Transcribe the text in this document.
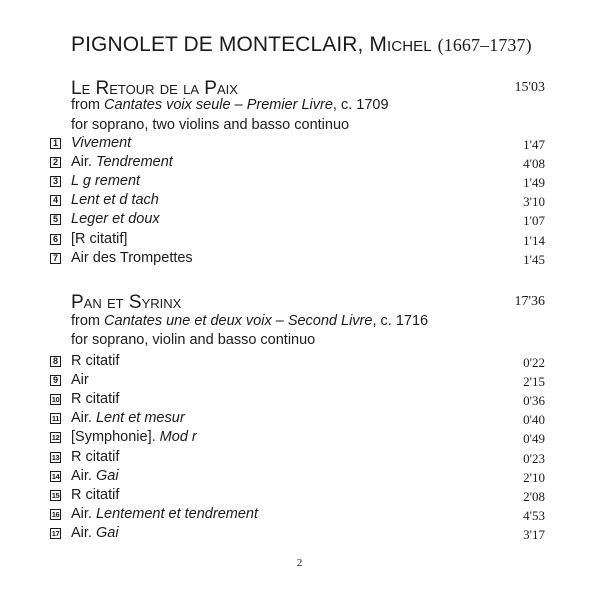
PIGNOLET DE MONTECLAIR, Michel (1667–1737)
Le Retour de la Paix	15'03
from Cantates voix seule – Premier Livre, c. 1709
for soprano, two violins and basso continuo
1 Vivement	1'47
2 Air. Tendrement	4'08
3 L g rement	1'49
4 Lent et d tach	3'10
5 Leger et doux	1'07
6 [R citatif]	1'14
7 Air des Trompettes	1'45
Pan et Syrinx	17'36
from Cantates une et deux voix – Second Livre, c. 1716
for soprano, violin and basso continuo
8 R citatif	0'22
9 Air	2'15
10 R citatif	0'36
11 Air. Lent et mesur	0'40
12 [Symphonie]. Mod r	0'49
13 R citatif	0'23
14 Air. Gai	2'10
15 R citatif	2'08
16 Air. Lentement et tendrement	4'53
17 Air. Gai	3'17
2
